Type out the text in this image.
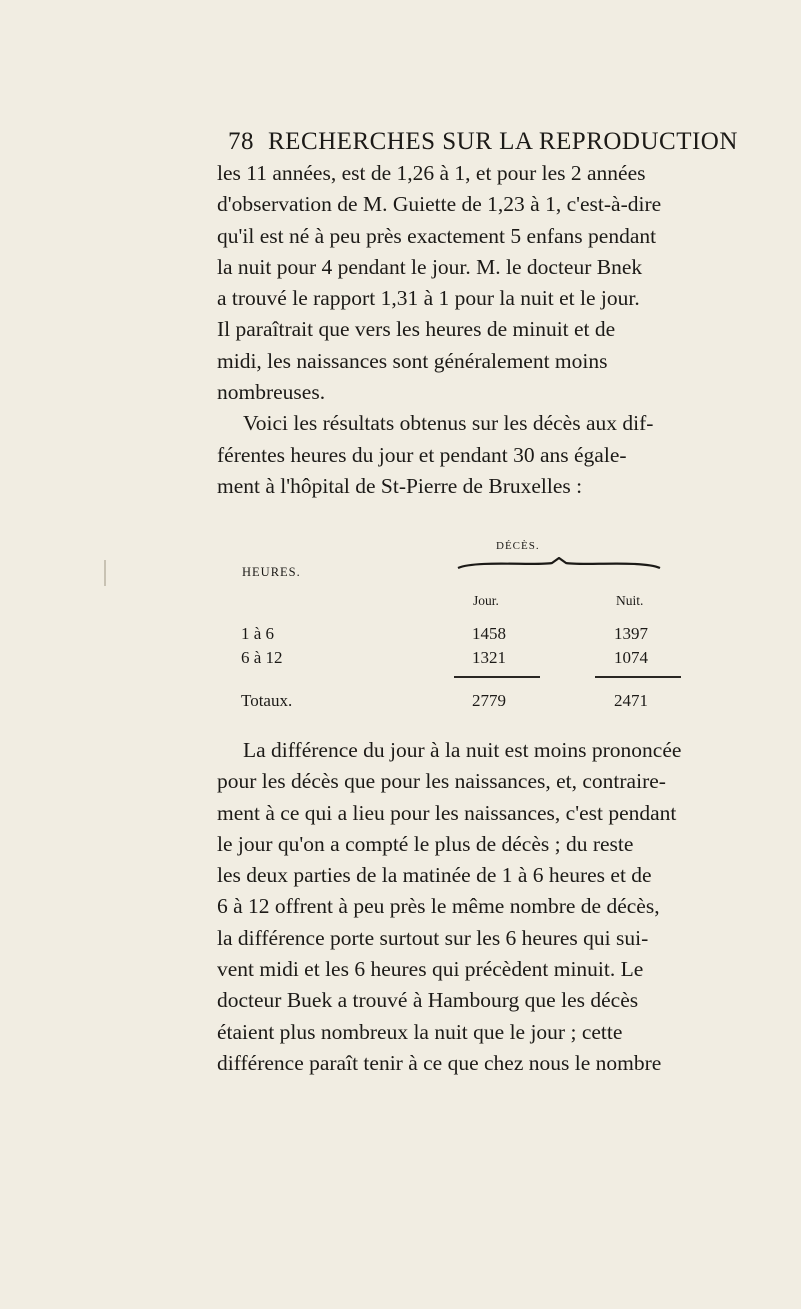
78 RECHERCHES SUR LA REPRODUCTION
les 11 années, est de 1,26 à 1, et pour les 2 années
d'observation de M. Guiette de 1,23 à 1, c'est-à-dire
qu'il est né à peu près exactement 5 enfans pendant
la nuit pour 4 pendant le jour. M. le docteur Bnek
a trouvé le rapport 1,31 à 1 pour la nuit et le jour.
Il paraîtrait que vers les heures de minuit et de
midi, les naissances sont généralement moins
nombreuses.
Voici les résultats obtenus sur les décès aux dif-
férentes heures du jour et pendant 30 ans égale-
ment à l'hôpital de St-Pierre de Bruxelles :
DÉCÈS.
HEURES.
Jour.	Nuit.
1 à 6	1458	1397
6 à 12	1321	1074
Totaux.	2779	2471
La différence du jour à la nuit est moins prononcée
pour les décès que pour les naissances, et, contraire-
ment à ce qui a lieu pour les naissances, c'est pendant
le jour qu'on a compté le plus de décès ; du reste
les deux parties de la matinée de 1 à 6 heures et de
6 à 12 offrent à peu près le même nombre de décès,
la différence porte surtout sur les 6 heures qui sui-
vent midi et les 6 heures qui précèdent minuit. Le
docteur Buek a trouvé à Hambourg que les décès
étaient plus nombreux la nuit que le jour ; cette
différence paraît tenir à ce que chez nous le nombre
